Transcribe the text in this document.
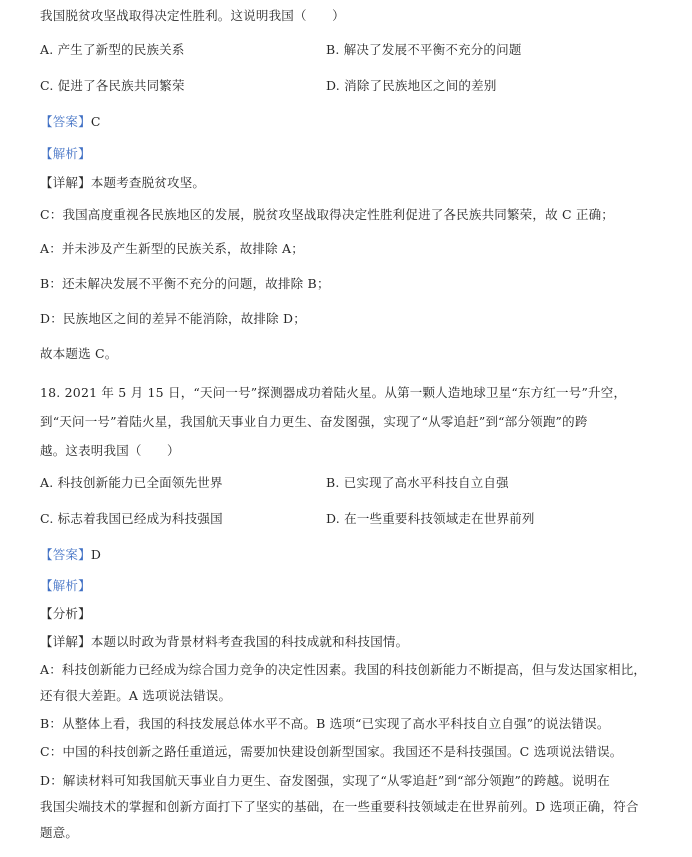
我国脱贫攻坚战取得决定性胜利。这说明我国（　　）
A. 产生了新型的民族关系	B. 解决了发展不平衡不充分的问题
C. 促进了各民族共同繁荣	D. 消除了民族地区之间的差别
【答案】C
【解析】
【详解】本题考查脱贫攻坚。
C：我国高度重视各民族地区的发展，脱贫攻坚战取得决定性胜利促进了各民族共同繁荣，故 C 正确；
A：并未涉及产生新型的民族关系，故排除 A；
B：还未解决发展不平衡不充分的问题，故排除 B；
D：民族地区之间的差异不能消除，故排除 D；
故本题选 C。
18. 2021 年 5 月 15 日，“天问一号”探测器成功着陆火星。从第一颗人造地球卫星“东方红一号”升空，
到“天问一号”着陆火星，我国航天事业自力更生、奋发图强，实现了“从零追赶”到“部分领跑”的跨
越。这表明我国（　　）
A. 科技创新能力已全面领先世界	B. 已实现了高水平科技自立自强
C. 标志着我国已经成为科技强国	D. 在一些重要科技领域走在世界前列
【答案】D
【解析】
【分析】
【详解】本题以时政为背景材料考查我国的科技成就和科技国情。
A：科技创新能力已经成为综合国力竞争的决定性因素。我国的科技创新能力不断提高，但与发达国家相比，
还有很大差距。A 选项说法错误。
B：从整体上看，我国的科技发展总体水平不高。B 选项“已实现了高水平科技自立自强”的说法错误。
C：中国的科技创新之路任重道远，需要加快建设创新型国家。我国还不是科技强国。C 选项说法错误。
D：解读材料可知我国航天事业自力更生、奋发图强，实现了“从零追赶”到“部分领跑”的跨越。说明在
我国尖端技术的掌握和创新方面打下了坚实的基础，在一些重要科技领域走在世界前列。D 选项正确，符合
题意。
